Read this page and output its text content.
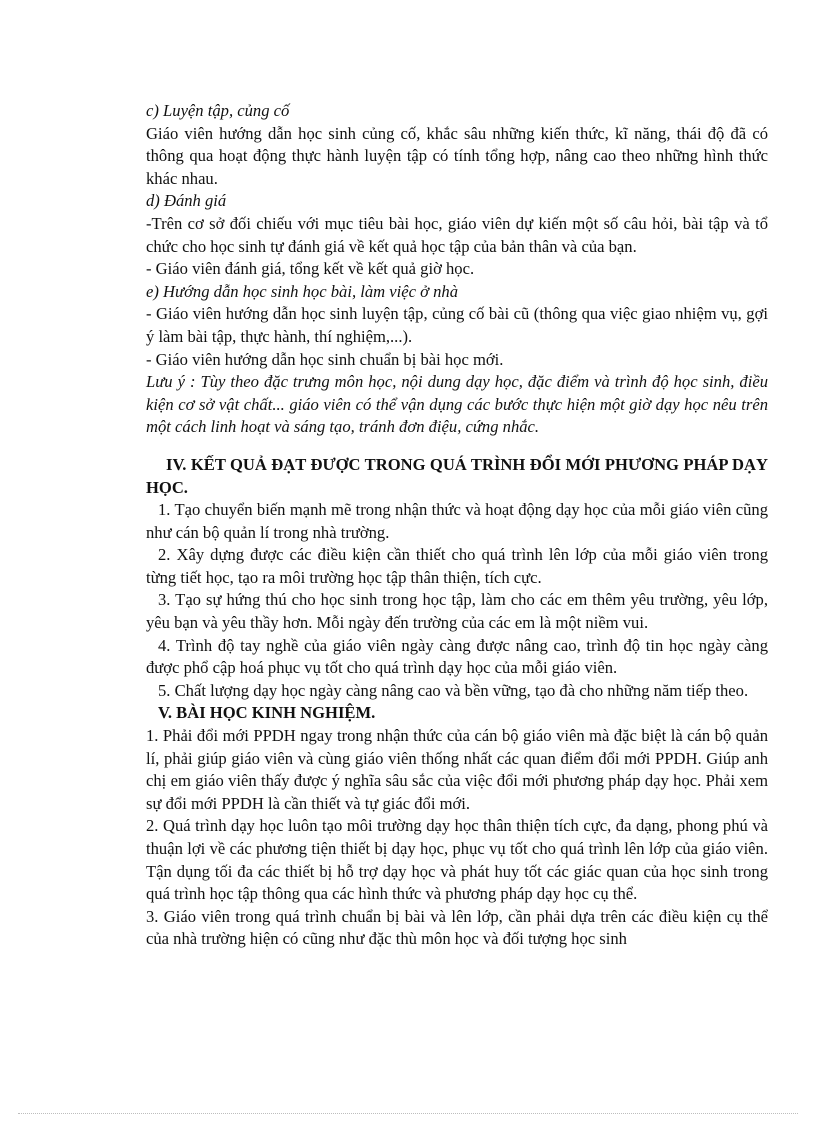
c) Luyện tập, củng cố

Giáo viên hướng dẫn học sinh củng cố, khắc sâu những kiến thức, kĩ năng, thái độ đã có thông qua hoạt động thực hành luyện tập có tính tổng hợp, nâng cao theo những hình thức khác nhau.

d) Đánh giá

-Trên cơ sở đối chiếu với mục tiêu bài học, giáo viên dự kiến một số câu hỏi, bài tập và tổ chức cho học sinh tự đánh giá về kết quả học tập của bản thân và của bạn.

- Giáo viên đánh giá, tổng kết về kết quả giờ học.

e) Hướng dẫn học sinh học bài, làm việc ở nhà

- Giáo viên hướng dẫn học sinh luyện tập, củng cố bài cũ (thông qua việc giao nhiệm vụ, gợi ý làm bài tập, thực hành, thí nghiệm,...).

- Giáo viên hướng dẫn học sinh chuẩn bị bài học mới.

Lưu ý : Tùy theo đặc trưng môn học, nội dung dạy học, đặc điểm và trình độ học sinh, điều kiện cơ sở vật chất... giáo viên có thể vận dụng các bước thực hiện một giờ dạy học nêu trên một cách linh hoạt và sáng tạo, tránh đơn điệu, cứng nhắc.

IV. KẾT QUẢ ĐẠT ĐƯỢC TRONG QUÁ TRÌNH ĐỔI MỚI PHƯƠNG PHÁP DẠY HỌC.

1. Tạo chuyển biến mạnh mẽ trong nhận thức và hoạt động dạy học của mỗi giáo viên cũng như cán bộ quản lí trong nhà trường.

2. Xây dựng được các điều kiện cần thiết cho quá trình lên lớp của mỗi giáo viên trong từng tiết học, tạo ra môi trường học tập thân thiện, tích cực.

3. Tạo sự hứng thú cho học sinh trong học tập, làm cho các em thêm yêu trường, yêu lớp, yêu bạn và yêu thầy hơn. Mỗi ngày đến trường của các em là một niềm vui.

4. Trình độ tay nghề của giáo viên ngày càng được nâng cao, trình độ tin học ngày càng được phổ cập hoá phục vụ tốt cho quá trình dạy học của mỗi giáo viên.

5. Chất lượng dạy học ngày càng nâng cao và bền vững, tạo đà cho những năm tiếp theo.

V. BÀI HỌC KINH NGHIỆM.

1. Phải đổi mới PPDH ngay trong nhận thức của cán bộ giáo viên mà đặc biệt là cán bộ quản lí, phải giúp giáo viên và cùng giáo viên thống nhất các quan điểm đổi mới PPDH. Giúp anh chị em giáo viên thấy được ý nghĩa sâu sắc của việc đổi mới phương pháp dạy học. Phải xem sự đổi mới PPDH là cần thiết và tự giác đổi mới.

2. Quá trình dạy học luôn tạo môi trường dạy học thân thiện tích cực, đa dạng, phong phú và thuận lợi về các phương tiện thiết bị dạy học, phục vụ tốt cho quá trình lên lớp của giáo viên. Tận dụng tối đa các thiết bị hỗ trợ dạy học và phát huy tốt các giác quan của học sinh trong quá trình học tập thông qua các hình thức và phương pháp dạy học cụ thể.

3. Giáo viên trong quá trình chuẩn bị bài và lên lớp, cần phải dựa trên các điều kiện cụ thể của nhà trường hiện có cũng như đặc thù môn học và đối tượng học sinh
